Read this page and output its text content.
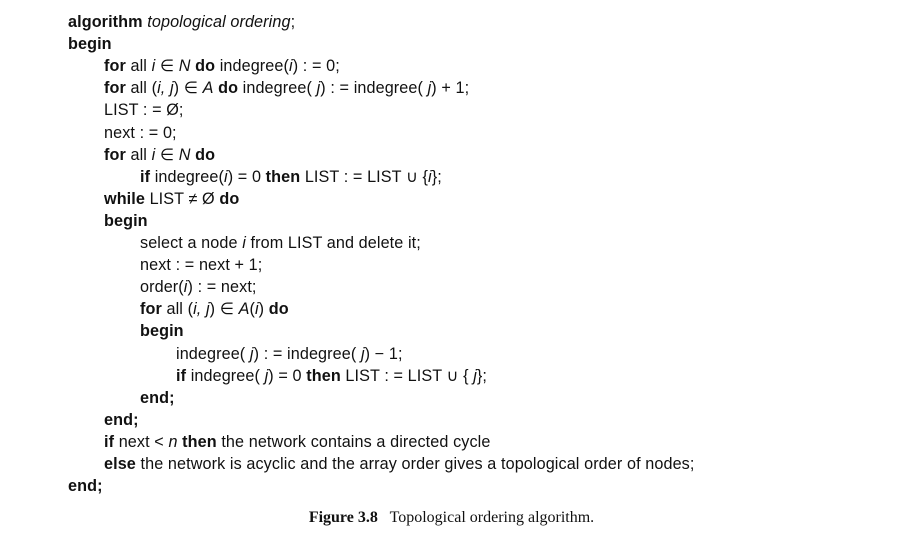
algorithm topological ordering;
begin
for all i ∈ N do indegree(i) : = 0;
for all (i, j) ∈ A do indegree( j) : = indegree( j) + 1;
LIST : = Ø;
next : = 0;
for all i ∈ N do
if indegree(i) = 0 then LIST : = LIST ∪ {i};
while LIST ≠ Ø do
begin
select a node i from LIST and delete it;
next : = next + 1;
order(i) : = next;
for all (i, j) ∈ A(i) do
begin
indegree( j) : = indegree( j) − 1;
if indegree( j) = 0 then LIST : = LIST ∪ { j};
end;
end;
if next < n then the network contains a directed cycle
else the network is acyclic and the array order gives a topological order of nodes;
end;
Figure 3.8 Topological ordering algorithm.
